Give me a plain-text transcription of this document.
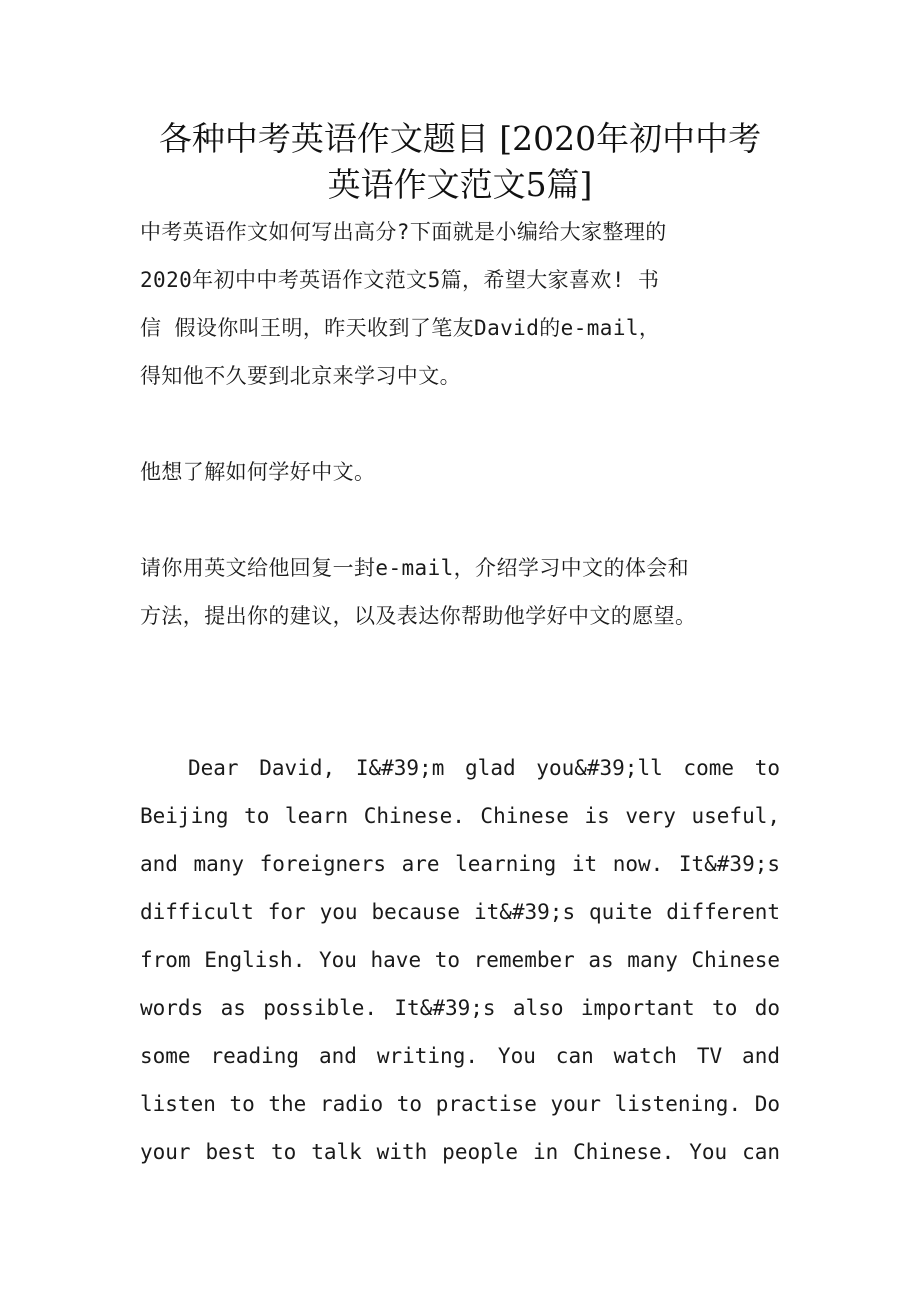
各种中考英语作文题目 [2020年初中中考
英语作文范文5篇]

中考英语作文如何写出高分?下面就是小编给大家整理的

2020年初中中考英语作文范文5篇，希望大家喜欢! 书

信 假设你叫王明，昨天收到了笔友David的e-mail，

得知他不久要到北京来学习中文。

他想了解如何学好中文。

请你用英文给他回复一封e-mail，介绍学习中文的体会和

方法，提出你的建议，以及表达你帮助他学好中文的愿望。

Dear David, I&#39;m glad you&#39;ll come to

Beijing to learn Chinese. Chinese is very useful,

and many foreigners are learning it now. It&#39;s

difficult for you because it&#39;s quite different

from English. You have to remember as many Chinese

words as possible. It&#39;s also important to do

some reading and writing. You can watch TV and

listen to the radio to practise your listening. Do

your best to talk with people in Chinese. You can
